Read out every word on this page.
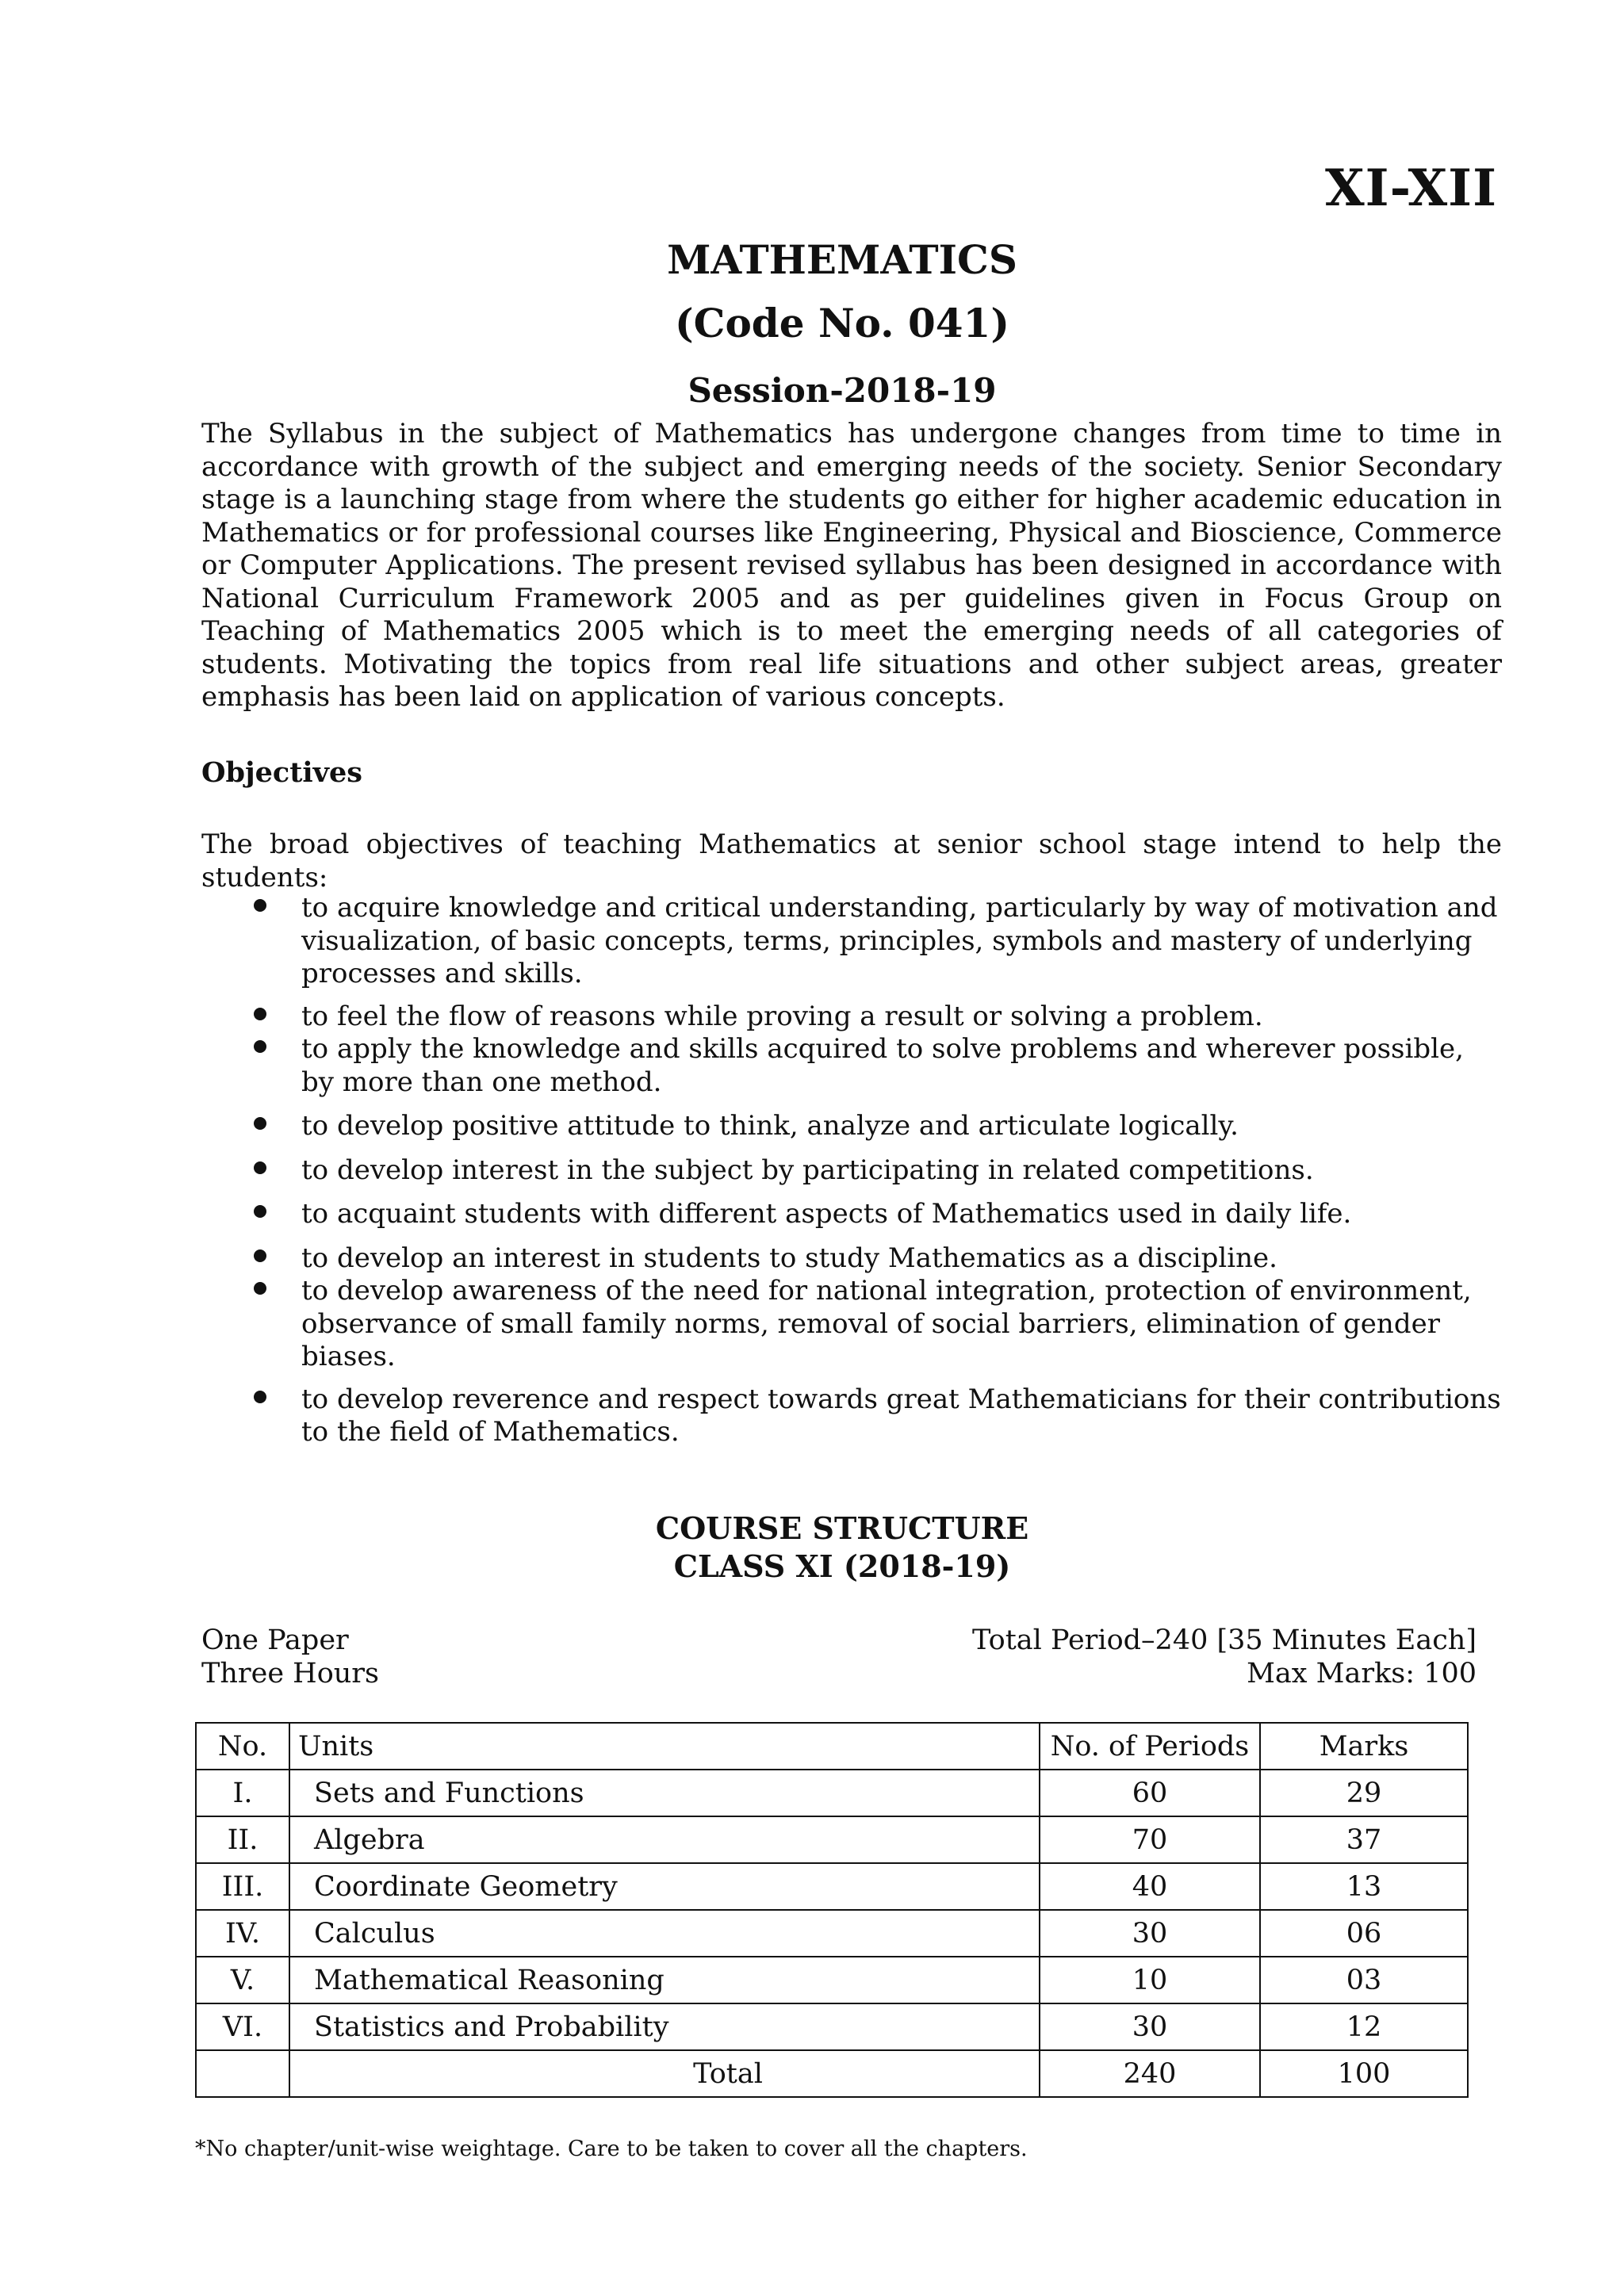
XI-XII
MATHEMATICS
(Code No. 041)
Session-2018-19
The Syllabus in the subject of Mathematics has undergone changes from time to time in accordance with growth of the subject and emerging needs of the society. Senior Secondary stage is a launching stage from where the students go either for higher academic education in Mathematics or for professional courses like Engineering, Physical and Bioscience, Commerce or Computer Applications. The present revised syllabus has been designed in accordance with National Curriculum Framework 2005 and as per guidelines given in Focus Group on Teaching of Mathematics 2005 which is to meet the emerging needs of all categories of students. Motivating the topics from real life situations and other subject areas, greater emphasis has been laid on application of various concepts.
Objectives
The broad objectives of teaching Mathematics at senior school stage intend to help the students:
to acquire knowledge and critical understanding, particularly by way of motivation and visualization, of basic concepts, terms, principles, symbols and mastery of underlying processes and skills.
to feel the flow of reasons while proving a result or solving a problem.
to apply the knowledge and skills acquired to solve problems and wherever possible, by more than one method.
to develop positive attitude to think, analyze and articulate logically.
to develop interest in the subject by participating in related competitions.
to acquaint students with different aspects of Mathematics used in daily life.
to develop an interest in students to study Mathematics as a discipline.
to develop awareness of the need for national integration, protection of environment, observance of small family norms, removal of social barriers, elimination of gender biases.
to develop reverence and respect towards great Mathematicians for their contributions to the field of Mathematics.
COURSE STRUCTURE
CLASS XI (2018-19)
One Paper
Three Hours
Total Period–240 [35 Minutes Each]
Max Marks: 100
No.	Units	No. of Periods	Marks
I.	Sets and Functions	60	29
II.	Algebra	70	37
III.	Coordinate Geometry	40	13
IV.	Calculus	30	06
V.	Mathematical Reasoning	10	03
VI.	Statistics and Probability	30	12
	Total	240	100
*No chapter/unit-wise weightage. Care to be taken to cover all the chapters.
